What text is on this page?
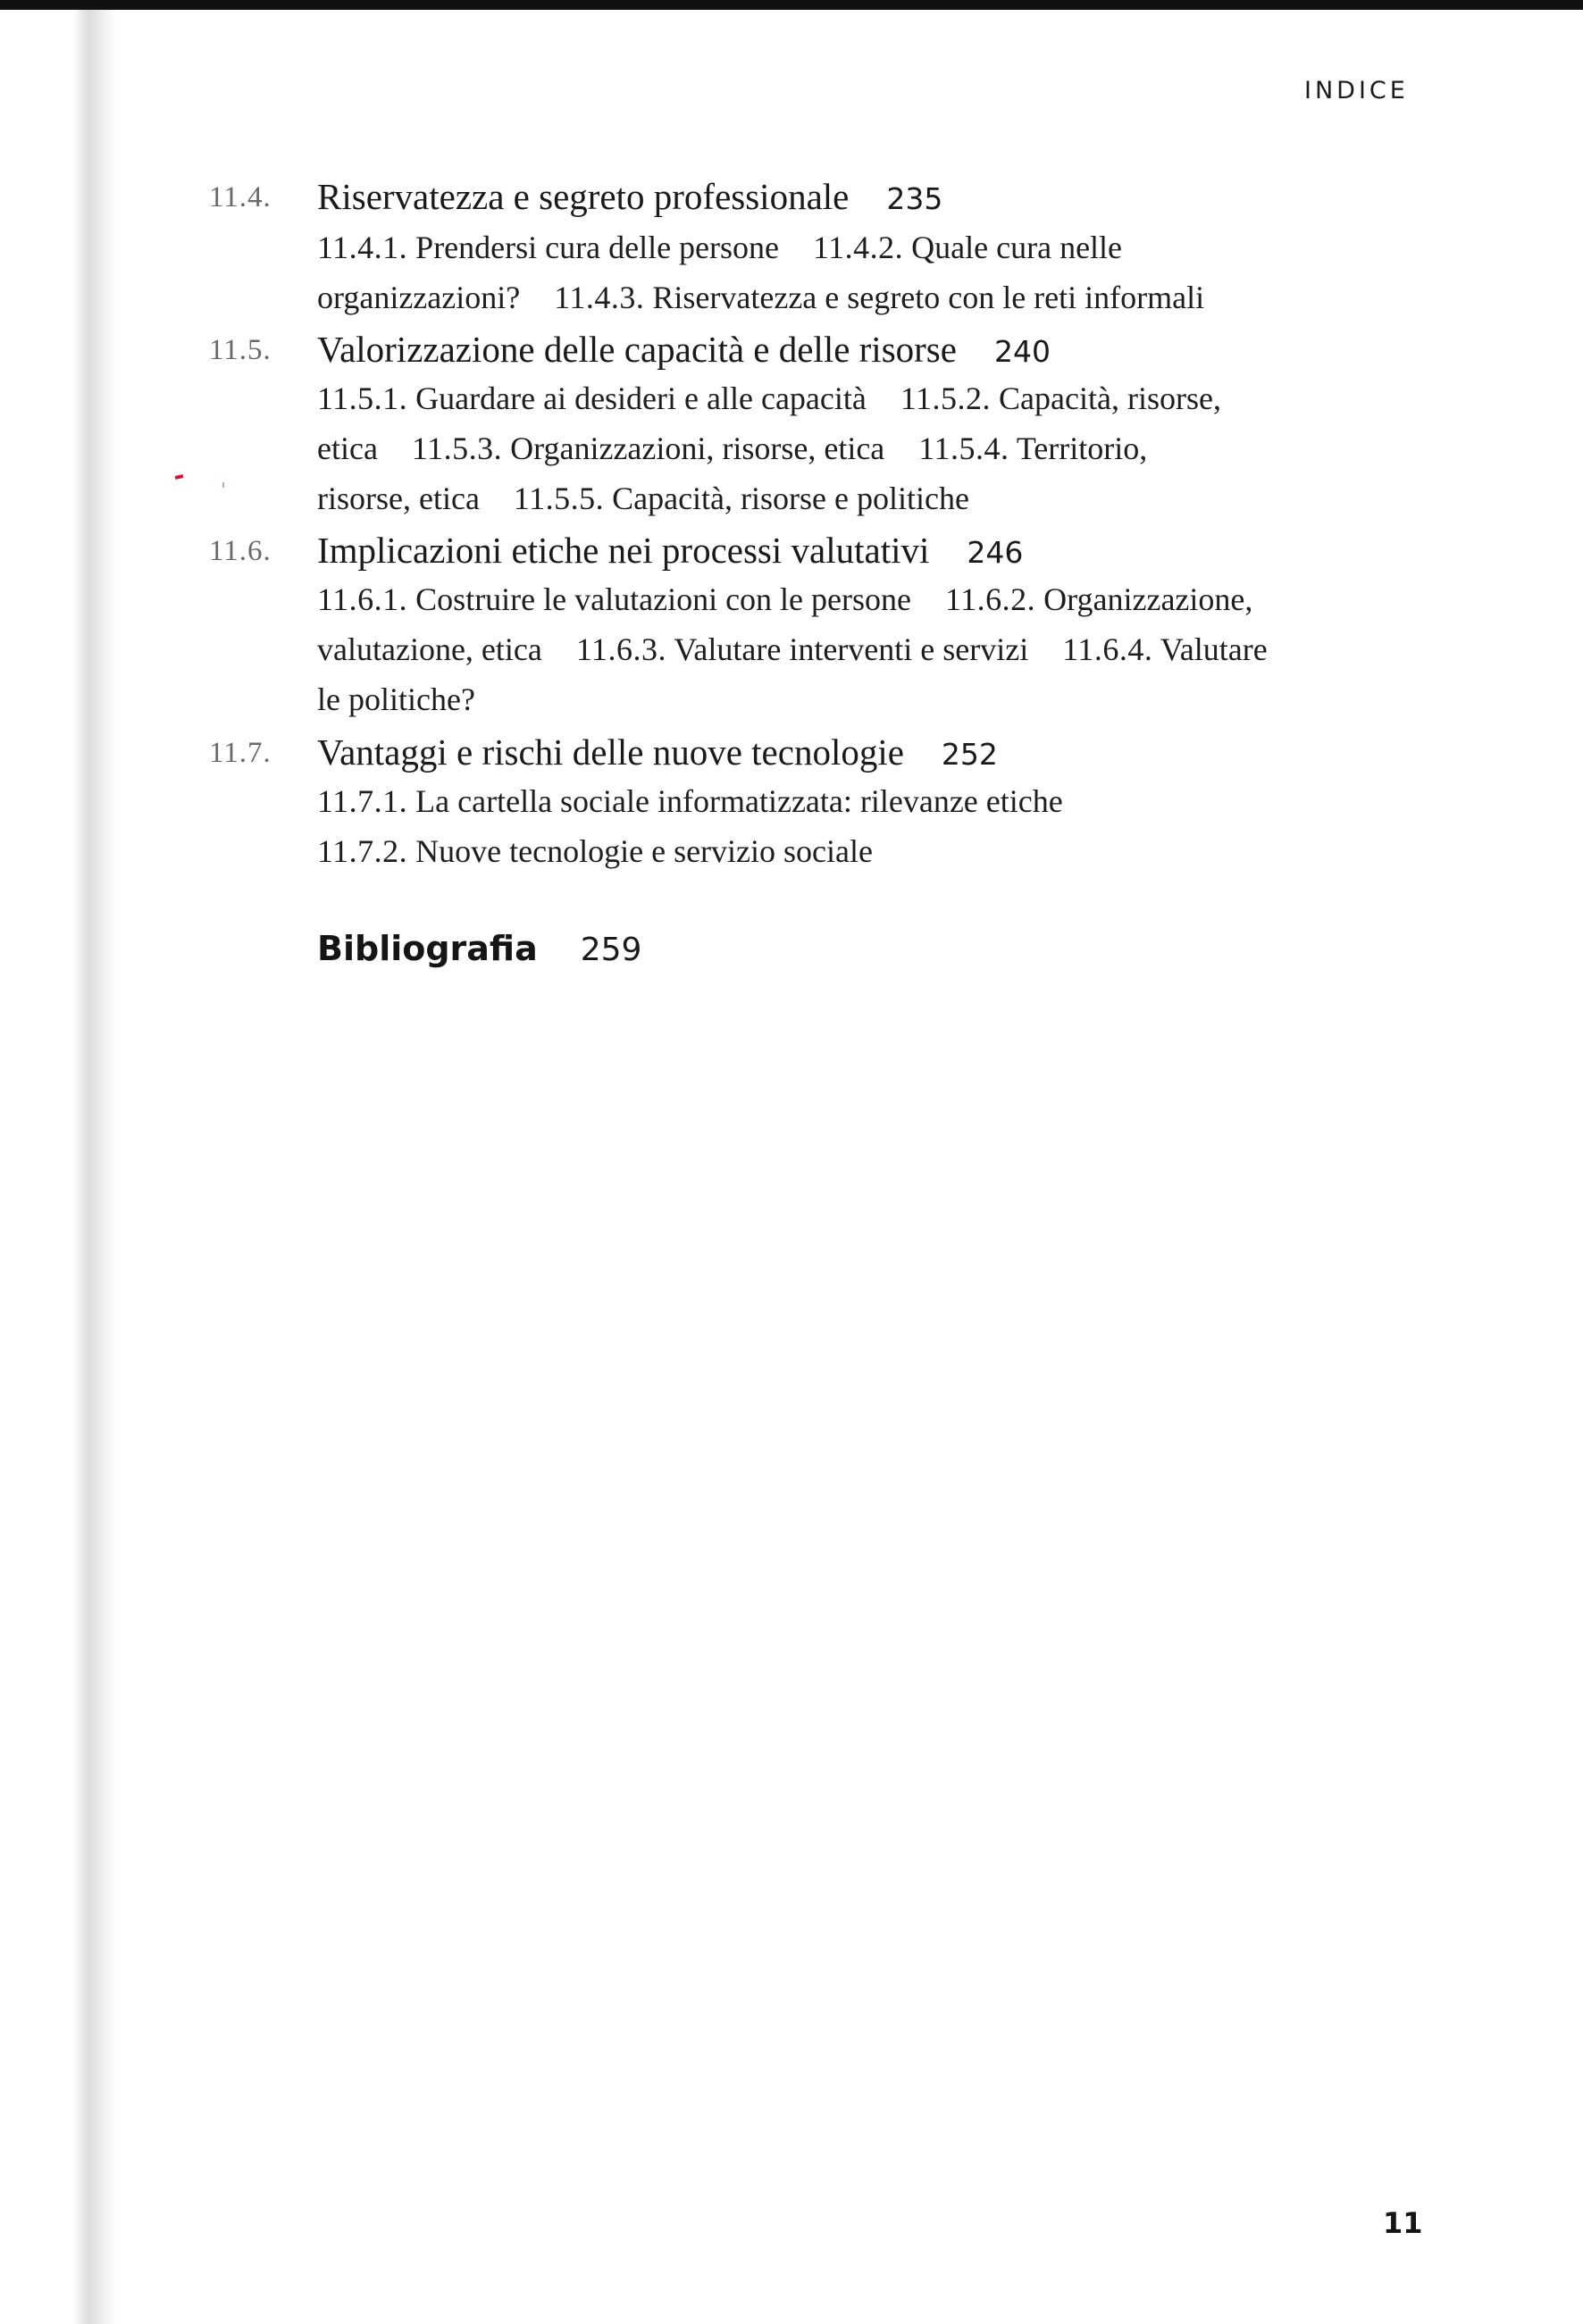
INDICE
11.4. Riservatezza e segreto professionale 235
11.4.1. Prendersi cura delle persone 11.4.2. Quale cura nelle
organizzazioni? 11.4.3. Riservatezza e segreto con le reti informali
11.5. Valorizzazione delle capacità e delle risorse 240
11.5.1. Guardare ai desideri e alle capacità 11.5.2. Capacità, risorse,
etica 11.5.3. Organizzazioni, risorse, etica 11.5.4. Territorio,
risorse, etica 11.5.5. Capacità, risorse e politiche
11.6. Implicazioni etiche nei processi valutativi 246
11.6.1. Costruire le valutazioni con le persone 11.6.2. Organizzazione,
valutazione, etica 11.6.3. Valutare interventi e servizi 11.6.4. Valutare
le politiche?
11.7. Vantaggi e rischi delle nuove tecnologie 252
11.7.1. La cartella sociale informatizzata: rilevanze etiche
11.7.2. Nuove tecnologie e servizio sociale
Bibliografia 259
11
